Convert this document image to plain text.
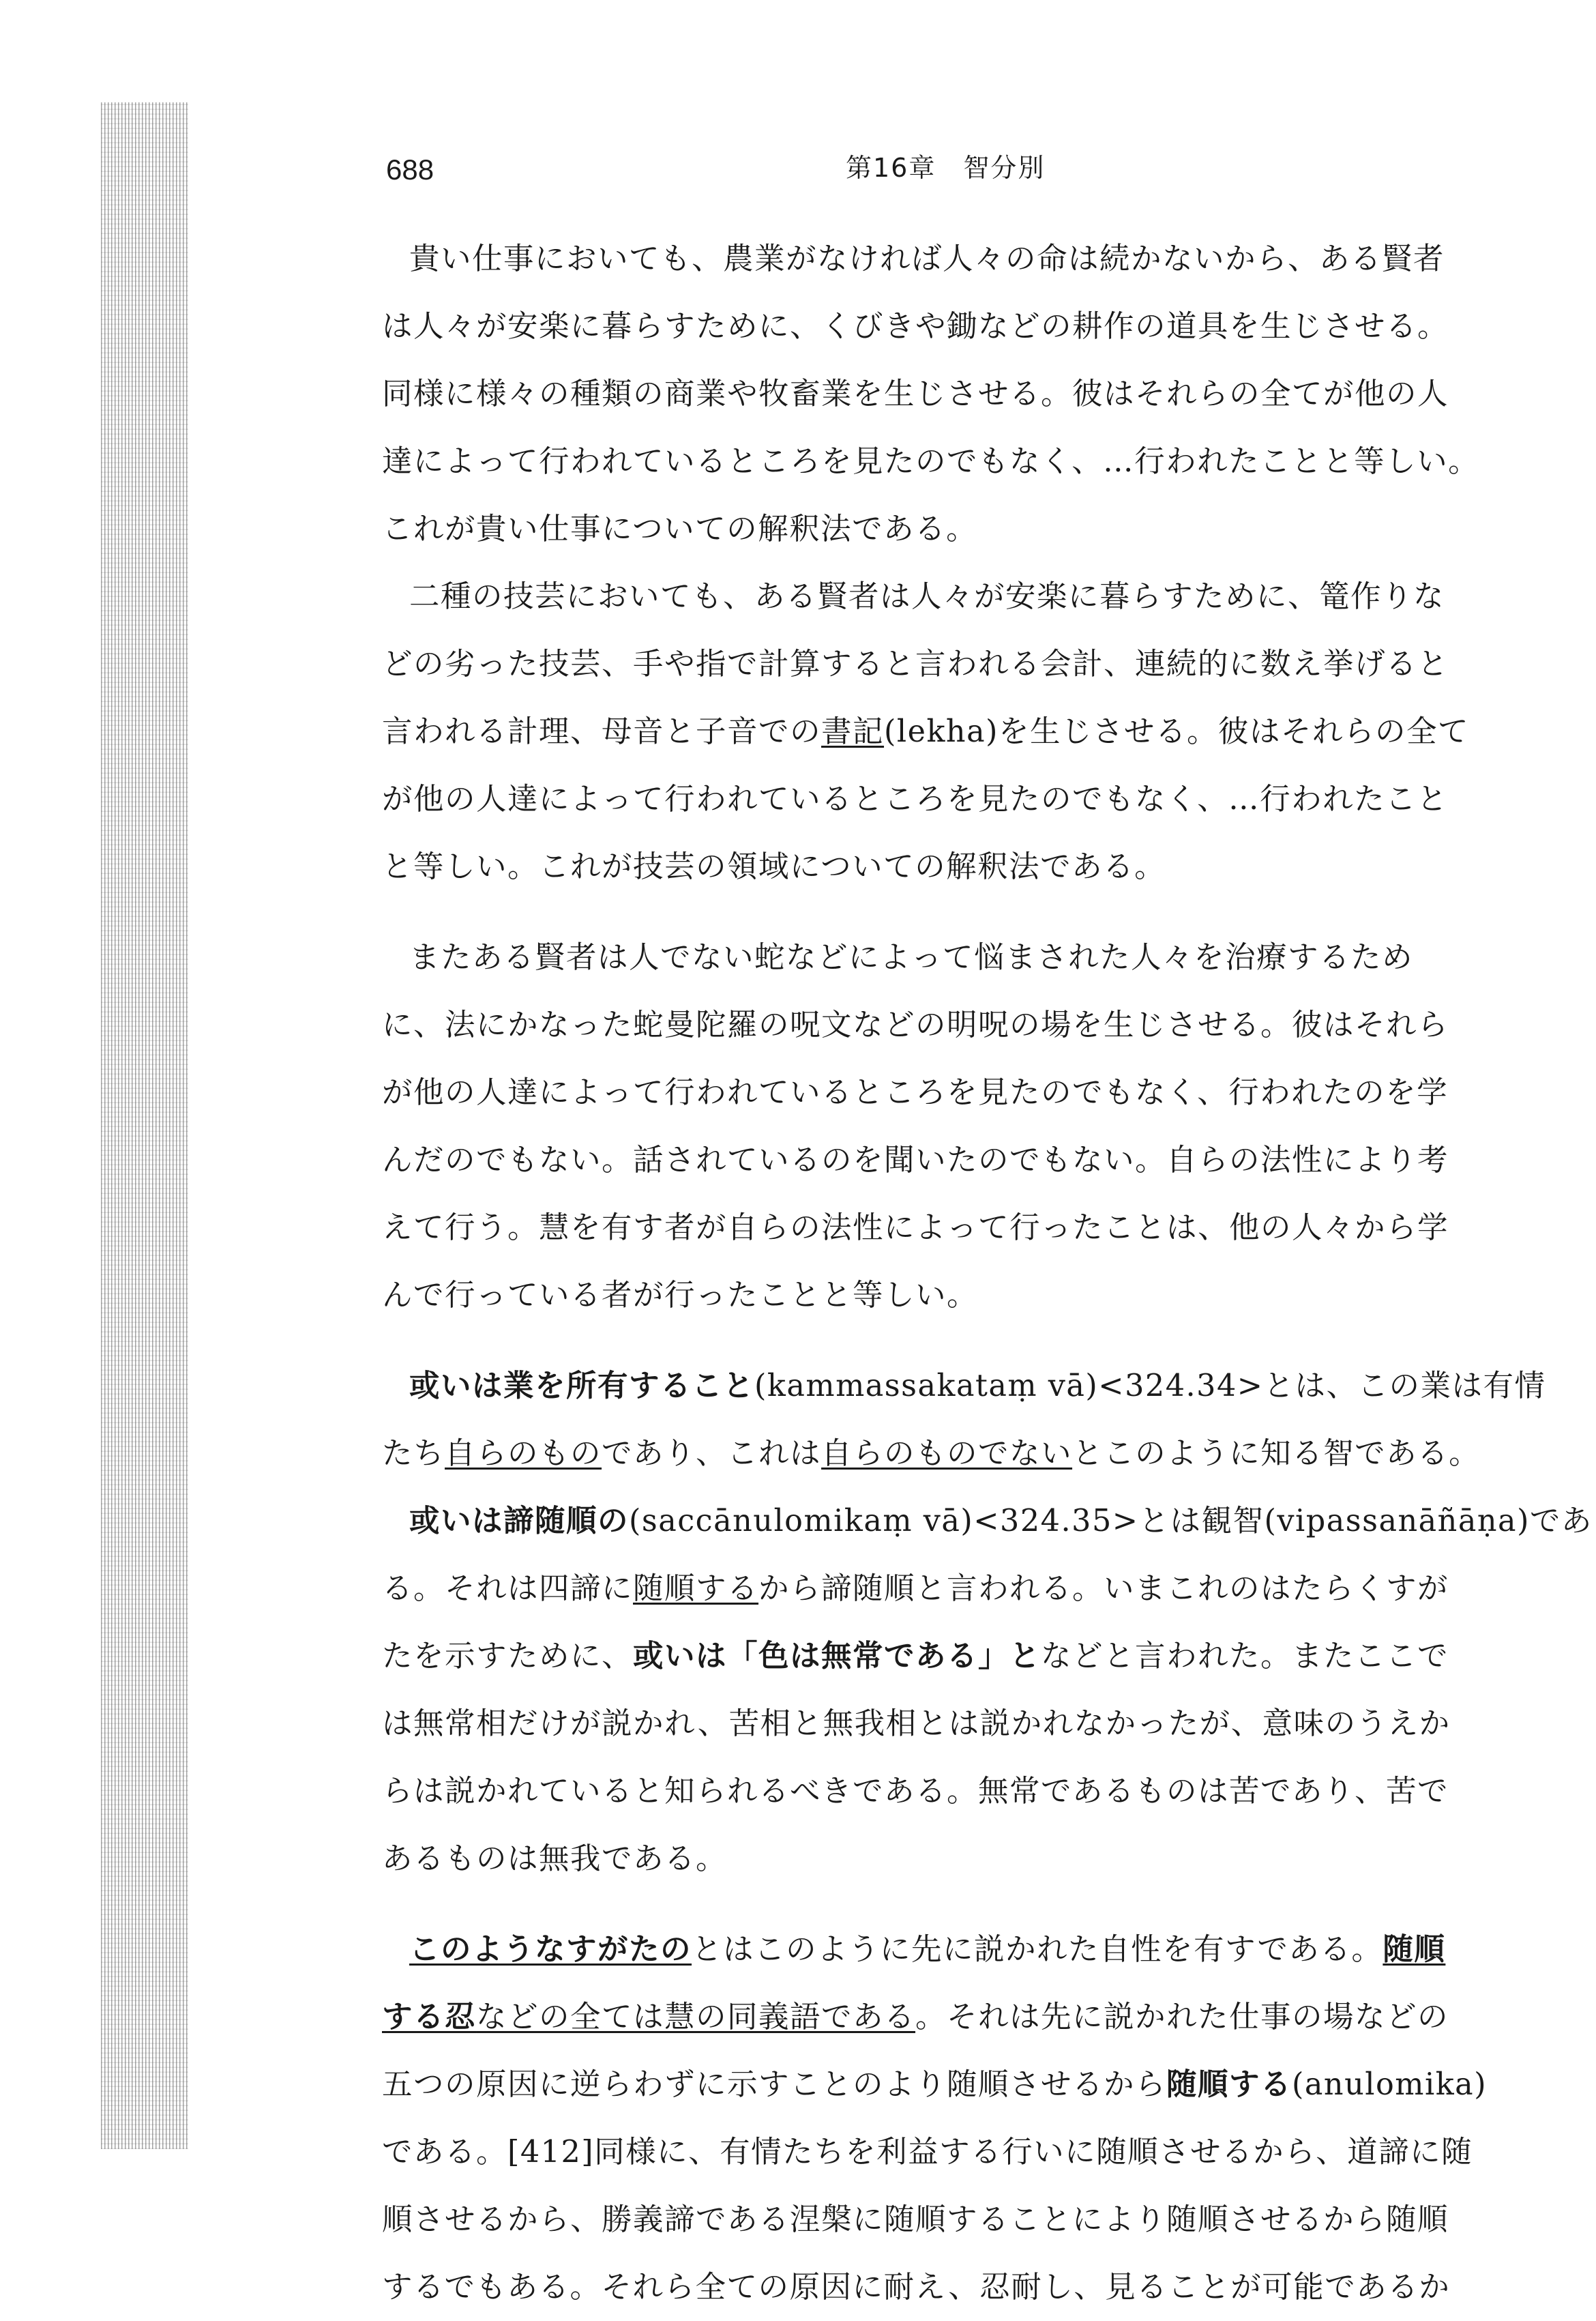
688	第16章　智分別
貴い仕事においても、農業がなければ人々の命は続かないから、ある賢者
は人々が安楽に暮らすために、くびきや鋤などの耕作の道具を生じさせる。
同様に様々の種類の商業や牧畜業を生じさせる。彼はそれらの全てが他の人
達によって行われているところを見たのでもなく、…行われたことと等しい。
これが貴い仕事についての解釈法である。
二種の技芸においても、ある賢者は人々が安楽に暮らすために、篭作りな
どの劣った技芸、手や指で計算すると言われる会計、連続的に数え挙げると
言われる計理、母音と子音での書記(lekha)を生じさせる。彼はそれらの全て
が他の人達によって行われているところを見たのでもなく、…行われたこと
と等しい。これが技芸の領域についての解釈法である。
またある賢者は人でない蛇などによって悩まされた人々を治療するため
に、法にかなった蛇曼陀羅の呪文などの明呪の場を生じさせる。彼はそれら
が他の人達によって行われているところを見たのでもなく、行われたのを学
んだのでもない。話されているのを聞いたのでもない。自らの法性により考
えて行う。慧を有す者が自らの法性によって行ったことは、他の人々から学
んで行っている者が行ったことと等しい。
或いは業を所有すること(kammassakataṃ vā)<324.34>とは、この業は有情
たち自らのものであり、これは自らのものでないとこのように知る智である。
或いは諦随順の(saccānulomikaṃ vā)<324.35>とは観智(vipassanāñāṇa)であ
る。それは四諦に随順するから諦随順と言われる。いまこれのはたらくすが
たを示すために、或いは「色は無常である」となどと言われた。またここで
は無常相だけが説かれ、苦相と無我相とは説かれなかったが、意味のうえか
らは説かれていると知られるべきである。無常であるものは苦であり、苦で
あるものは無我である。
このようなすがたのとはこのように先に説かれた自性を有すである。随順
する忍などの全ては慧の同義語である。それは先に説かれた仕事の場などの
五つの原因に逆らわずに示すことのより随順させるから随順する(anulomika)
である。[412]同様に、有情たちを利益する行いに随順させるから、道諦に随
順させるから、勝義諦である涅槃に随順することにより随順させるから随順
するでもある。それら全ての原因に耐え、忍耐し、見ることが可能であるか
